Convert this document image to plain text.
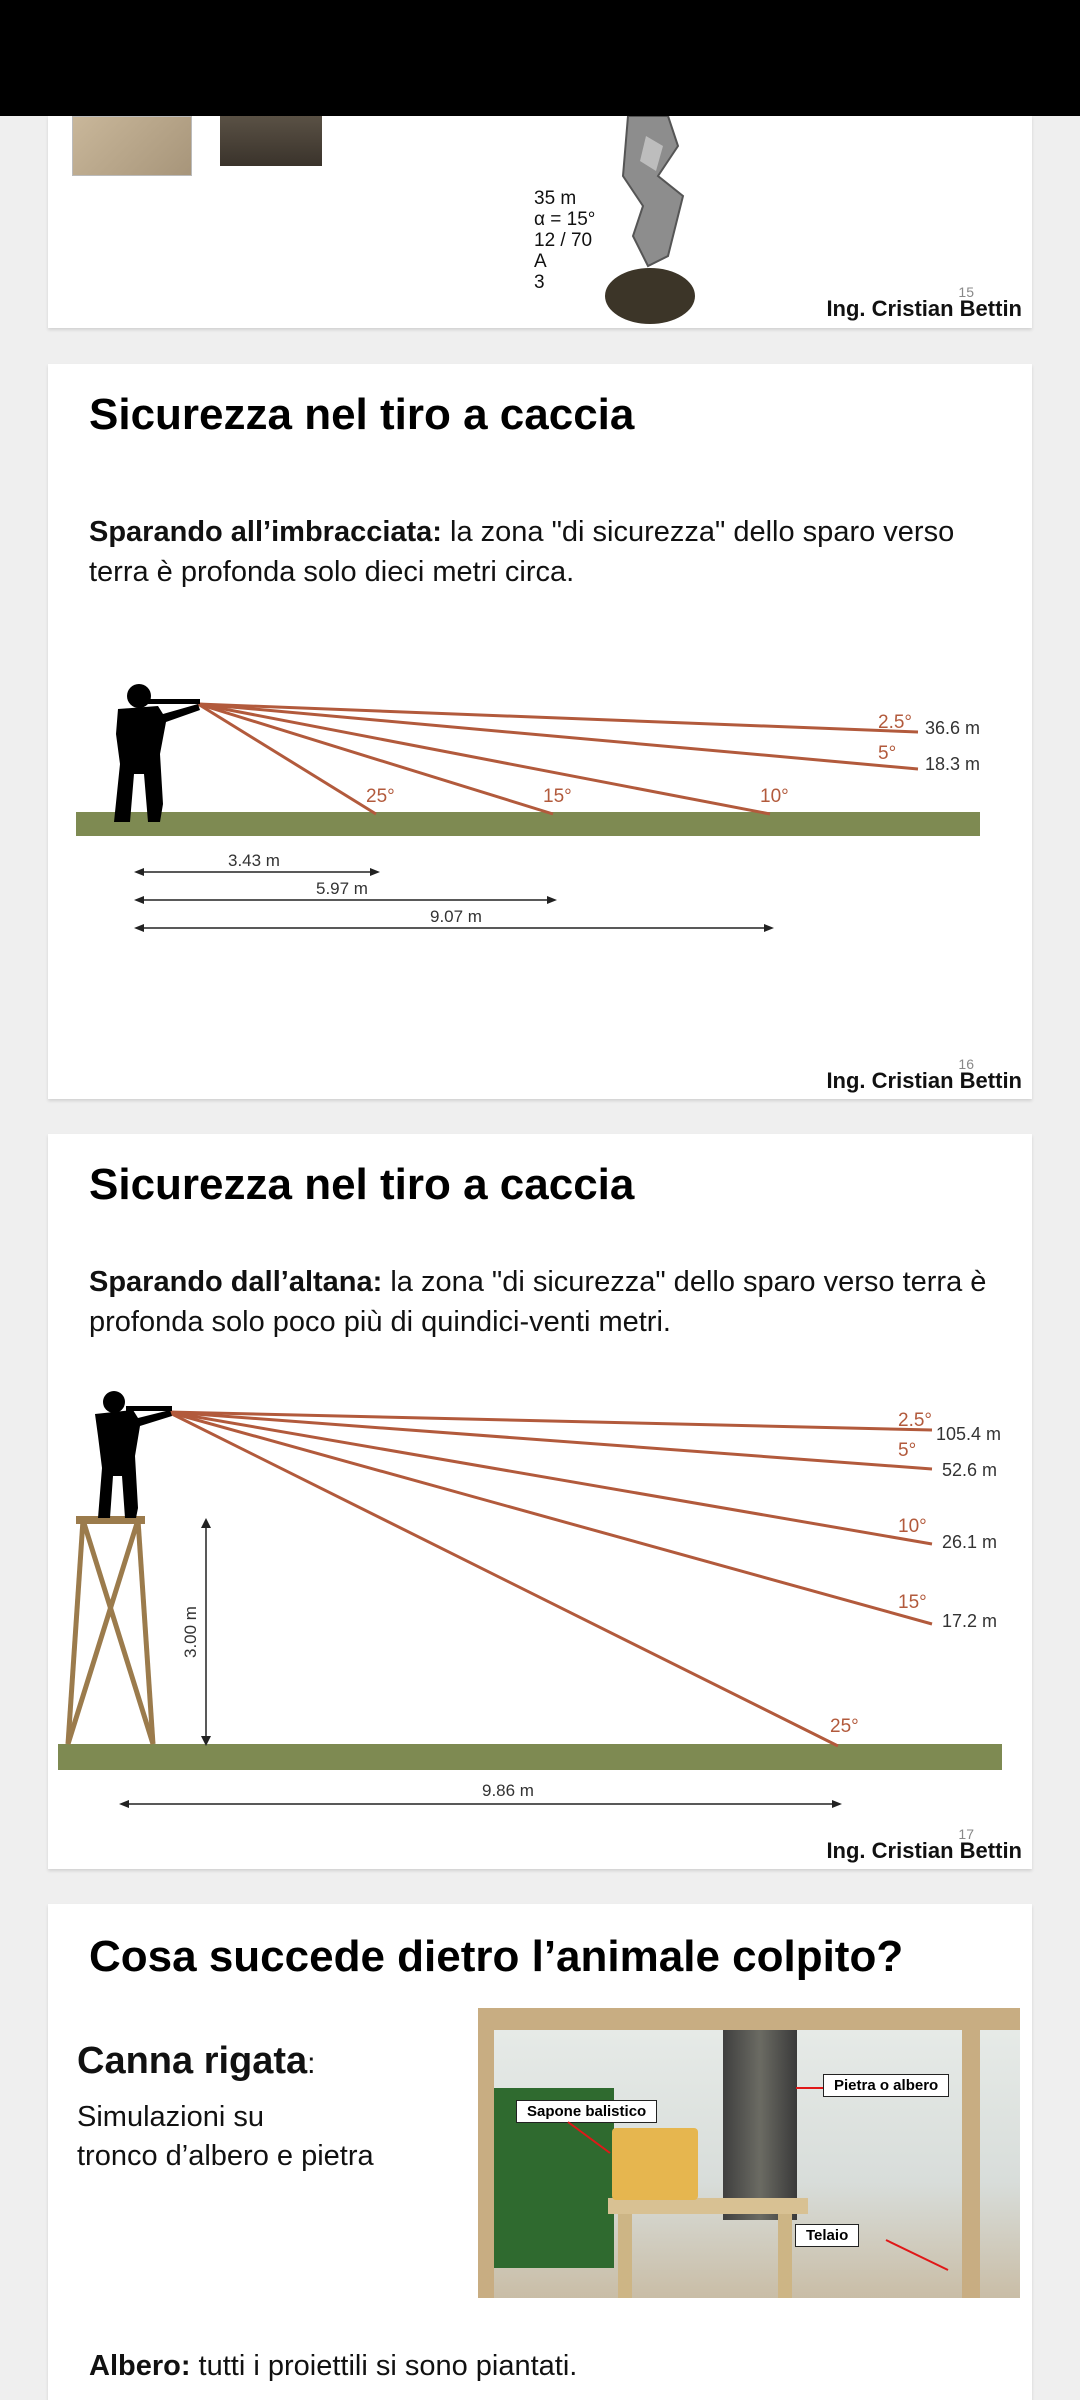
35 m
α = 15°
12 / 70
A
3	15
Ing. Cristian Bettin
Sicurezza nel tiro a caccia
Sparando all’imbracciata: la zona "di sicurezza" dello sparo verso terra è profonda solo dieci metri circa.
2.5° 36.6 m
5° 18.3 m
25°	15°	10°
3.43 m
5.97 m
9.07 m
16
Ing. Cristian Bettin
Sicurezza nel tiro a caccia
Sparando dall’altana: la zona "di sicurezza" dello sparo verso terra è profonda solo poco più di quindici-venti metri.
3.00 m
2.5°
105.4 m
5°
52.6 m
10°
26.1 m
15°
17.2 m
25°
9.86 m
17
Ing. Cristian Bettin
Cosa succede dietro l’animale colpito?
Canna rigata:
Simulazioni su
tronco d’albero e pietra
Sapone balistico
Pietra o albero
Telaio
Albero: tutti i proiettili si sono piantati.
